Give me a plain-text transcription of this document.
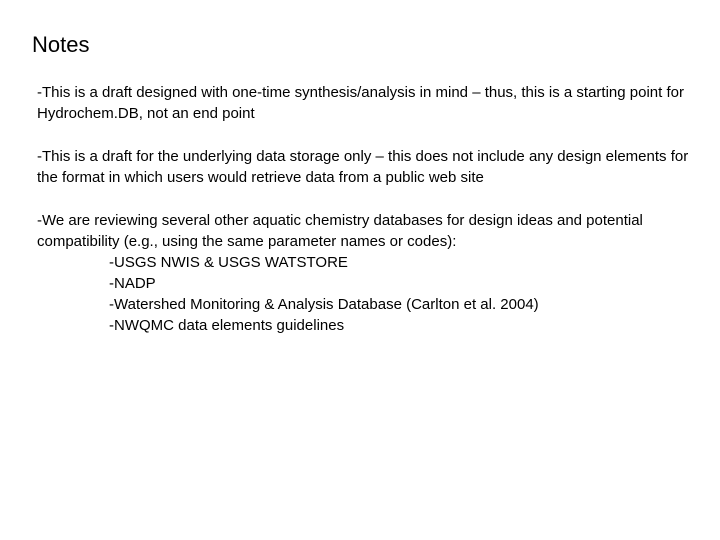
Notes

-This is a draft designed with one-time synthesis/analysis in mind – thus, this is a starting point for Hydrochem.DB, not an end point

-This is a draft for the underlying data storage only – this does not include any design elements for the format in which users would retrieve data from a public web site

-We are reviewing several other aquatic chemistry databases for design ideas and potential compatibility (e.g., using the same parameter names or codes):

-USGS NWIS & USGS WATSTORE
-NADP
-Watershed Monitoring & Analysis Database (Carlton et al. 2004)
-NWQMC data elements guidelines
